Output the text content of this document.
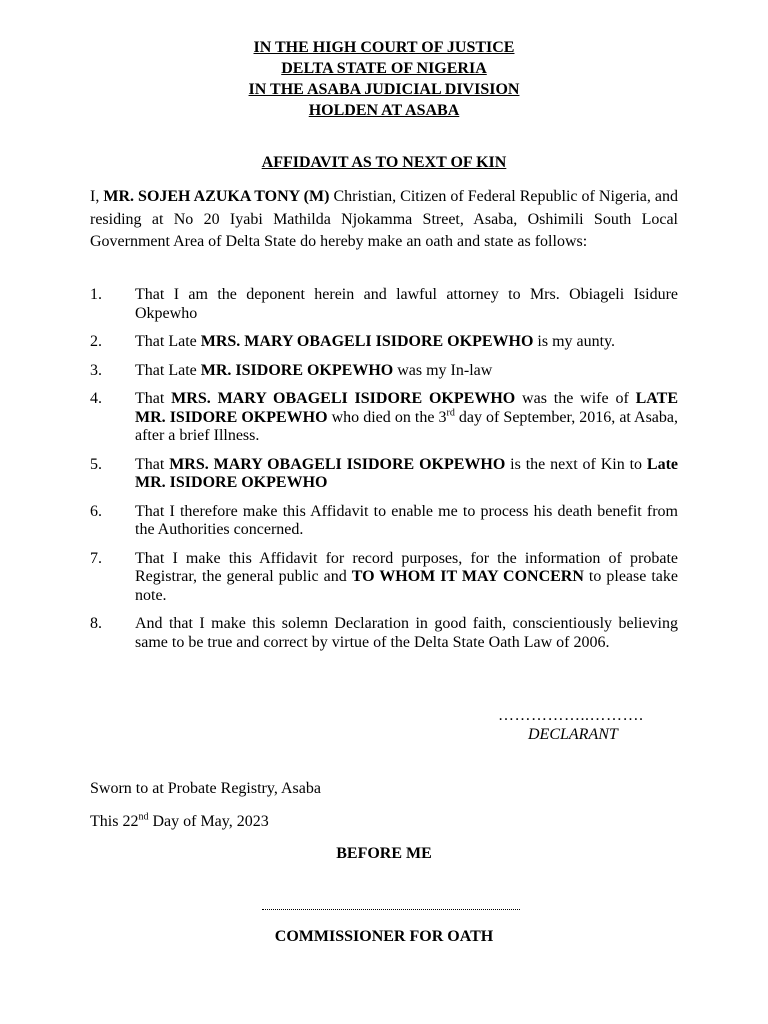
IN THE HIGH COURT OF JUSTICE
DELTA STATE OF NIGERIA
IN THE ASABA JUDICIAL DIVISION
HOLDEN AT ASABA
AFFIDAVIT AS TO NEXT OF KIN
I, MR. SOJEH AZUKA TONY (M) Christian, Citizen of Federal Republic of Nigeria, and residing at No 20 Iyabi Mathilda Njokamma Street, Asaba, Oshimili South Local Government Area of Delta State do hereby make an oath and state as follows:
1.	That I am the deponent herein and lawful attorney to Mrs. Obiageli Isidure Okpewho
2.	That Late MRS. MARY OBAGELI ISIDORE OKPEWHO is my aunty.
3.	That Late MR. ISIDORE OKPEWHO was my In-law
4.	That MRS. MARY OBAGELI ISIDORE OKPEWHO was the wife of LATE MR. ISIDORE OKPEWHO who died on the 3rd day of September, 2016, at Asaba, after a brief Illness.
5.	That MRS. MARY OBAGELI ISIDORE OKPEWHO is the next of Kin to Late MR. ISIDORE OKPEWHO
6.	That I therefore make this Affidavit to enable me to process his death benefit from the Authorities concerned.
7.	That I make this Affidavit for record purposes, for the information of probate Registrar, the general public and TO WHOM IT MAY CONCERN to please take note.
8.	And that I make this solemn Declaration in good faith, conscientiously believing same to be true and correct by virtue of the Delta State Oath Law of 2006.
……………..……….
DECLARANT
Sworn to at Probate Registry, Asaba
This 22nd Day of May, 2023
BEFORE ME
COMMISSIONER FOR OATH
